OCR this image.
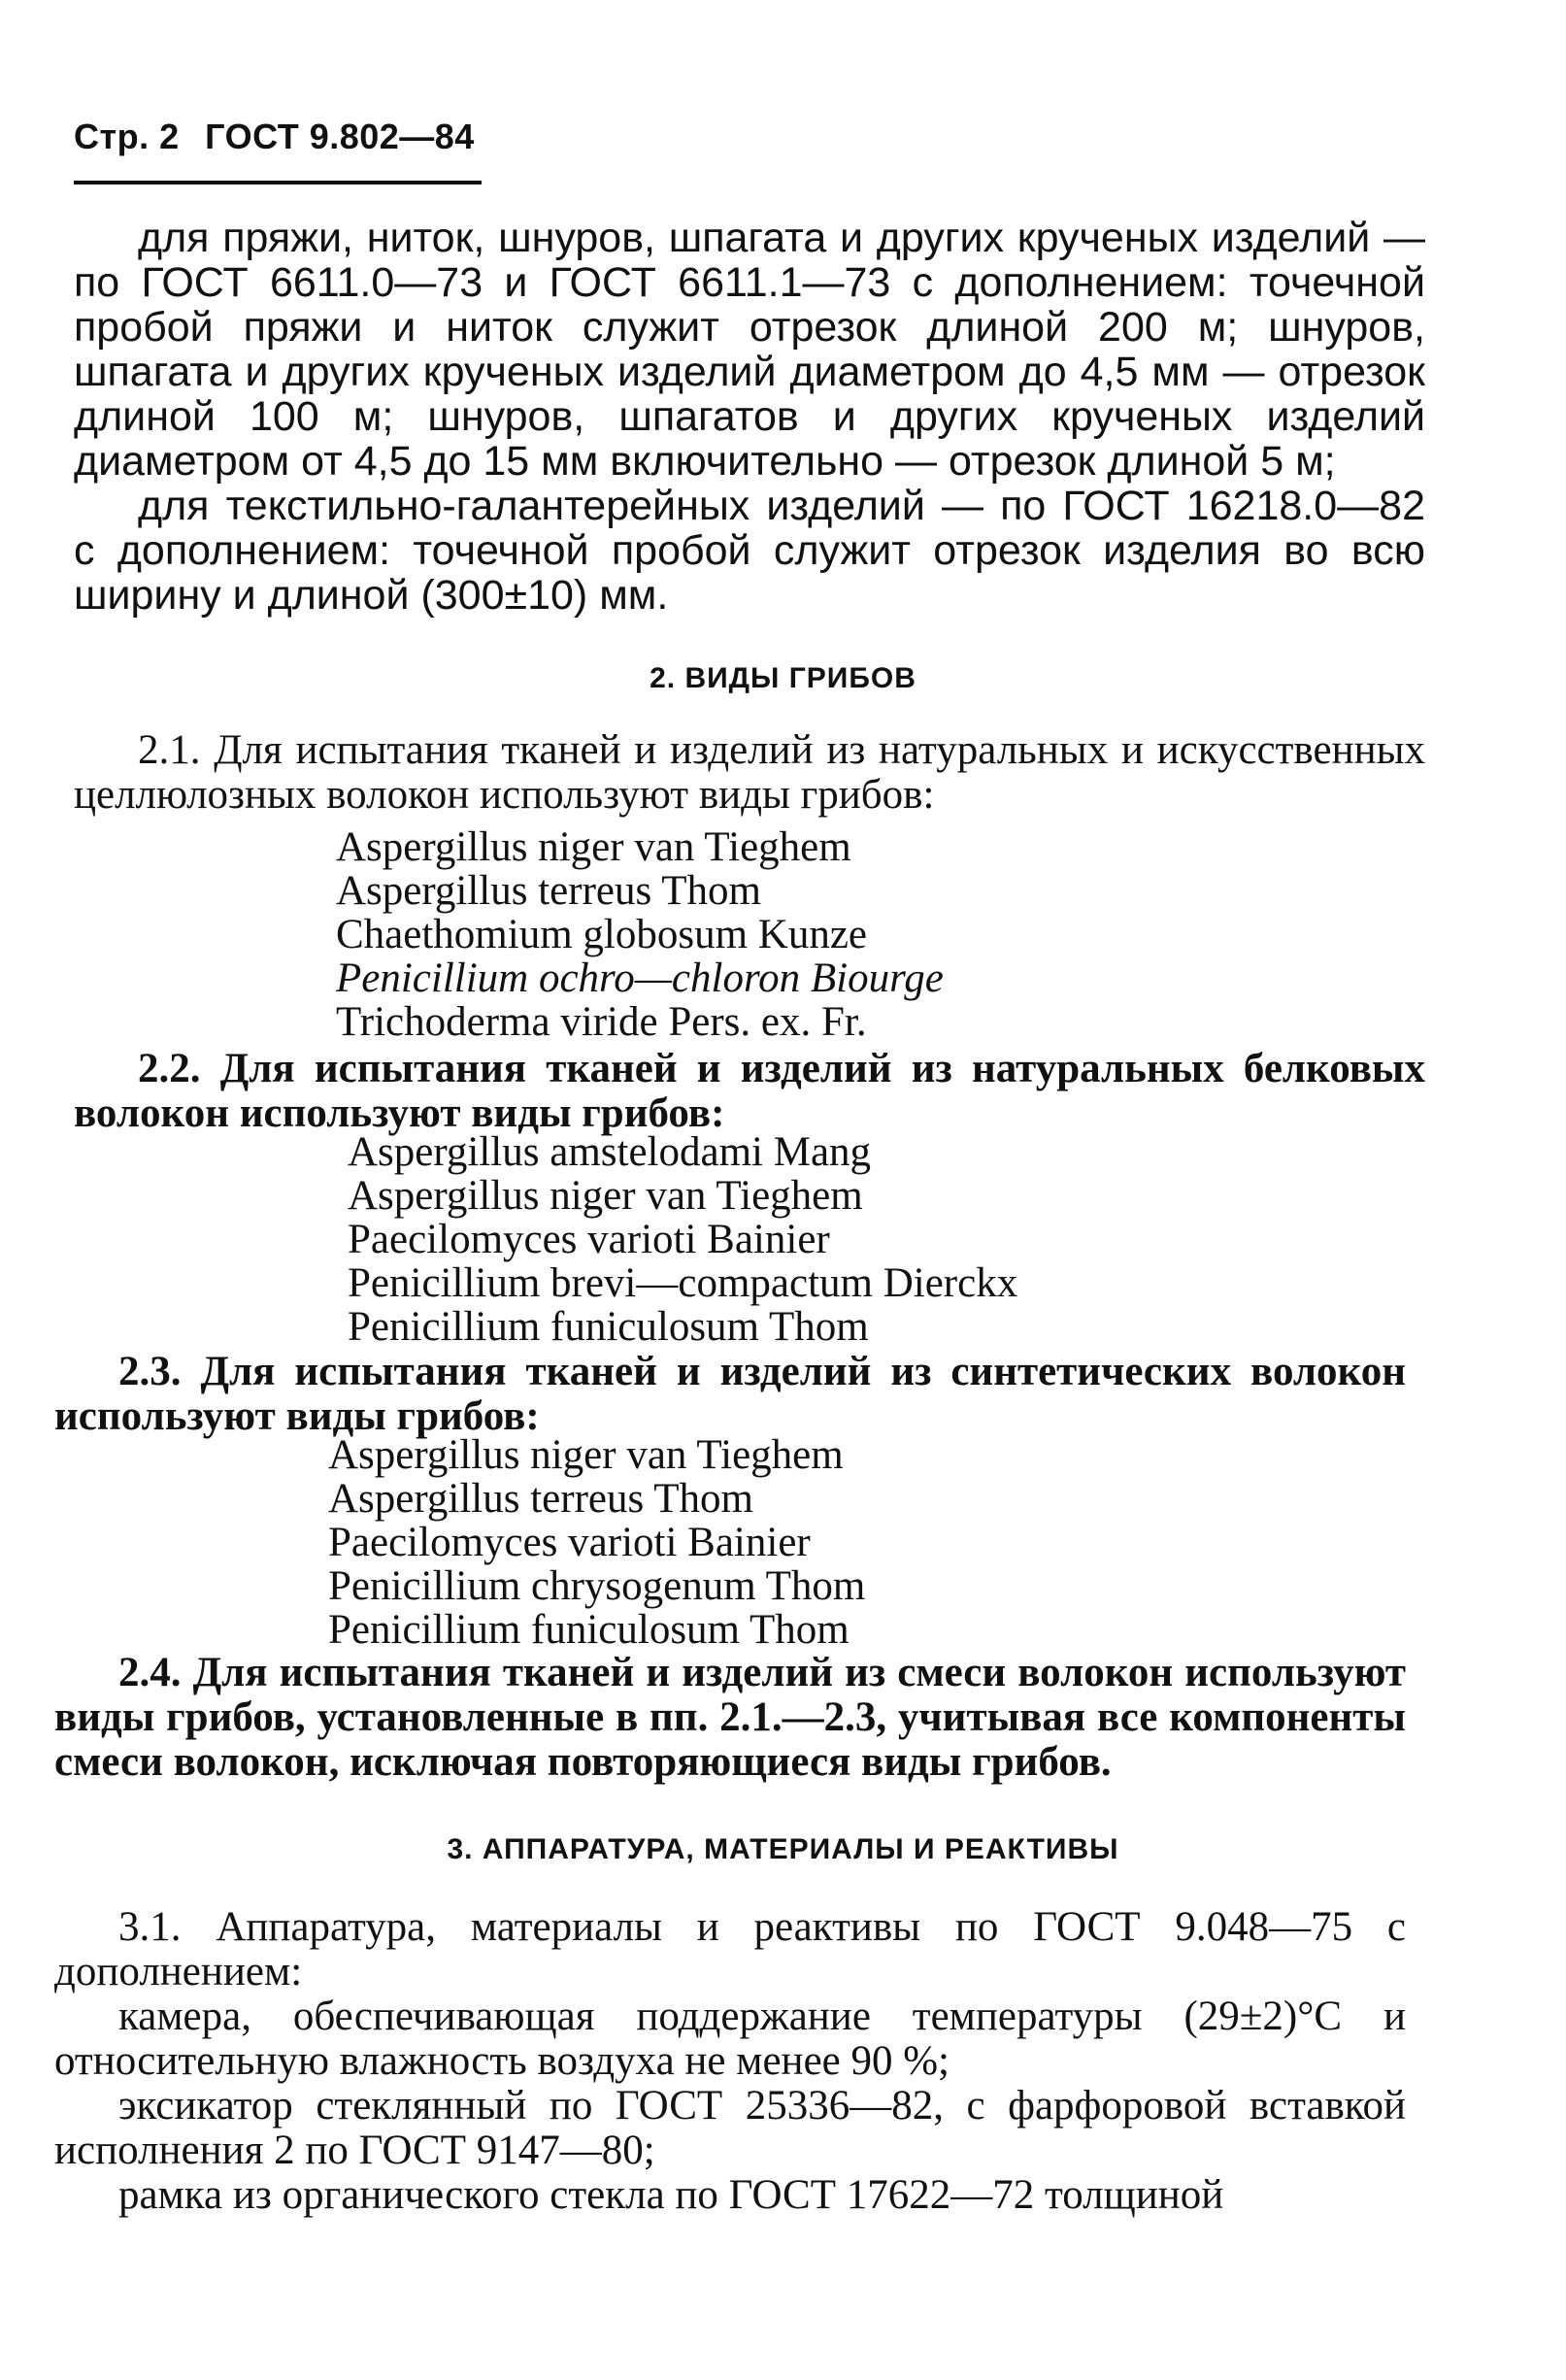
Стр. 2 ГОСТ 9.802—84

для пряжи, ниток, шнуров, шпагата и других крученых изделий — по ГОСТ 6611.0—73 и ГОСТ 6611.1—73 с дополнением: точечной пробой пряжи и ниток служит отрезок длиной 200 м; шнуров, шпагата и других крученых изделий диаметром до 4,5 мм — отрезок длиной 100 м; шнуров, шпагатов и других крученых изделий диаметром от 4,5 до 15 мм включительно — отрезок длиной 5 м;

для текстильно-галантерейных изделий — по ГОСТ 16218.0—82 с дополнением: точечной пробой служит отрезок изделия во всю ширину и длиной (300±10) мм.

2. ВИДЫ ГРИБОВ

2.1. Для испытания тканей и изделий из натуральных и искусственных целлюлозных волокон используют виды грибов:

Aspergillus niger van Tieghem
Aspergillus terreus Thom
Chaethomium globosum Kunze
Penicillium ochro—chloron Biourge
Trichoderma viride Pers. ex. Fr.

2.2. Для испытания тканей и изделий из натуральных белковых волокон используют виды грибов:

Aspergillus amstelodami Mang
Aspergillus niger van Tieghem
Paecilomyces varioti Bainier
Penicillium brevi—compactum Dierckx
Penicillium funiculosum Thom

2.3. Для испытания тканей и изделий из синтетических волокон используют виды грибов:

Aspergillus niger van Tieghem
Aspergillus terreus Thom
Paecilomyces varioti Bainier
Penicillium chrysogenum Thom
Penicillium funiculosum Thom

2.4. Для испытания тканей и изделий из смеси волокон используют виды грибов, установленные в пп. 2.1.—2.3, учитывая все компоненты смеси волокон, исключая повторяющиеся виды грибов.

3. АППАРАТУРА, МАТЕРИАЛЫ И РЕАКТИВЫ

3.1. Аппаратура, материалы и реактивы по ГОСТ 9.048—75 с дополнением:

камера, обеспечивающая поддержание температуры (29±2)°С и относительную влажность воздуха не менее 90 %;

эксикатор стеклянный по ГОСТ 25336—82, с фарфоровой вставкой исполнения 2 по ГОСТ 9147—80;

рамка из органического стекла по ГОСТ 17622—72 толщиной
